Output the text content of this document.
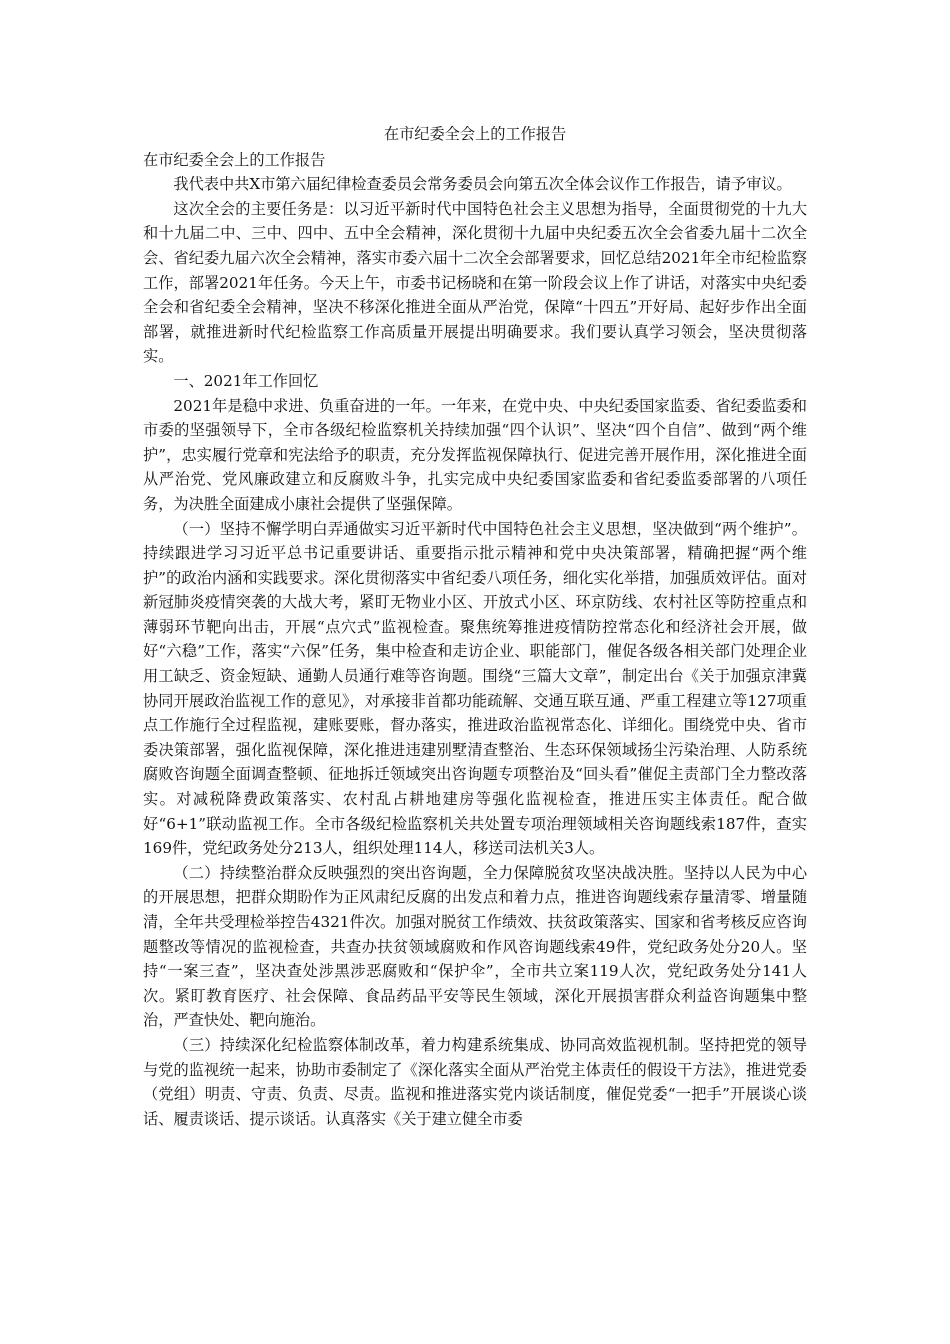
在市纪委全会上的工作报告

在市纪委全会上的工作报告

我代表中共X市第六届纪律检查委员会常务委员会向第五次全体会议作工作报告，请予审议。

这次全会的主要任务是：以习近平新时代中国特色社会主义思想为指导，全面贯彻党的十九大和十九届二中、三中、四中、五中全会精神，深化贯彻十九届中央纪委五次全会省委九届十二次全会、省纪委九届六次全会精神，落实市委六届十二次全会部署要求，回忆总结2021年全市纪检监察工作，部署2021年任务。今天上午，市委书记杨晓和在第一阶段会议上作了讲话，对落实中央纪委全会和省纪委全会精神，坚决不移深化推进全面从严治党，保障“十四五”开好局、起好步作出全面部署，就推进新时代纪检监察工作高质量开展提出明确要求。我们要认真学习领会，坚决贯彻落实。

一、2021年工作回忆

2021年是稳中求进、负重奋进的一年。一年来，在党中央、中央纪委国家监委、省纪委监委和市委的坚强领导下，全市各级纪检监察机关持续加强“四个认识”、坚决“四个自信”、做到“两个维护”，忠实履行党章和宪法给予的职责，充分发挥监视保障执行、促进完善开展作用，深化推进全面从严治党、党风廉政建立和反腐败斗争，扎实完成中央纪委国家监委和省纪委监委部署的八项任务，为决胜全面建成小康社会提供了坚强保障。

（一）坚持不懈学明白弄通做实习近平新时代中国特色社会主义思想，坚决做到“两个维护”。持续跟进学习习近平总书记重要讲话、重要指示批示精神和党中央决策部署，精确把握“两个维护”的政治内涵和实践要求。深化贯彻落实中省纪委八项任务，细化实化举措，加强质效评估。面对新冠肺炎疫情突袭的大战大考，紧盯无物业小区、开放式小区、环京防线、农村社区等防控重点和薄弱环节靶向出击，开展“点穴式”监视检查。聚焦统筹推进疫情防控常态化和经济社会开展，做好“六稳”工作，落实“六保”任务，集中检查和走访企业、职能部门，催促各级各相关部门处理企业用工缺乏、资金短缺、通勤人员通行难等咨询题。围绕“三篇大文章”，制定出台《关于加强京津冀协同开展政治监视工作的意见》，对承接非首都功能疏解、交通互联互通、严重工程建立等127项重点工作施行全过程监视，建账要账，督办落实，推进政治监视常态化、详细化。围绕党中央、省市委决策部署，强化监视保障，深化推进违建别墅清查整治、生态环保领域扬尘污染治理、人防系统腐败咨询题全面调查整顿、征地拆迁领域突出咨询题专项整治及“回头看”催促主责部门全力整改落实。对减税降费政策落实、农村乱占耕地建房等强化监视检查，推进压实主体责任。配合做好“6+1”联动监视工作。全市各级纪检监察机关共处置专项治理领域相关咨询题线索187件，查实169件，党纪政务处分213人，组织处理114人，移送司法机关3人。

（二）持续整治群众反映强烈的突出咨询题，全力保障脱贫攻坚决战决胜。坚持以人民为中心的开展思想，把群众期盼作为正风肃纪反腐的出发点和着力点，推进咨询题线索存量清零、增量随清，全年共受理检举控告4321件次。加强对脱贫工作绩效、扶贫政策落实、国家和省考核反应咨询题整改等情况的监视检查，共查办扶贫领域腐败和作风咨询题线索49件，党纪政务处分20人。坚持“一案三查”，坚决查处涉黑涉恶腐败和“保护伞”，全市共立案119人次，党纪政务处分141人次。紧盯教育医疗、社会保障、食品药品平安等民生领域，深化开展损害群众利益咨询题集中整治，严查快处、靶向施治。

（三）持续深化纪检监察体制改革，着力构建系统集成、协同高效监视机制。坚持把党的领导与党的监视统一起来，协助市委制定了《深化落实全面从严治党主体责任的假设干方法》，推进党委（党组）明责、守责、负责、尽责。监视和推进落实党内谈话制度，催促党委“一把手”开展谈心谈话、履责谈话、提示谈话。认真落实《关于建立健全市委
